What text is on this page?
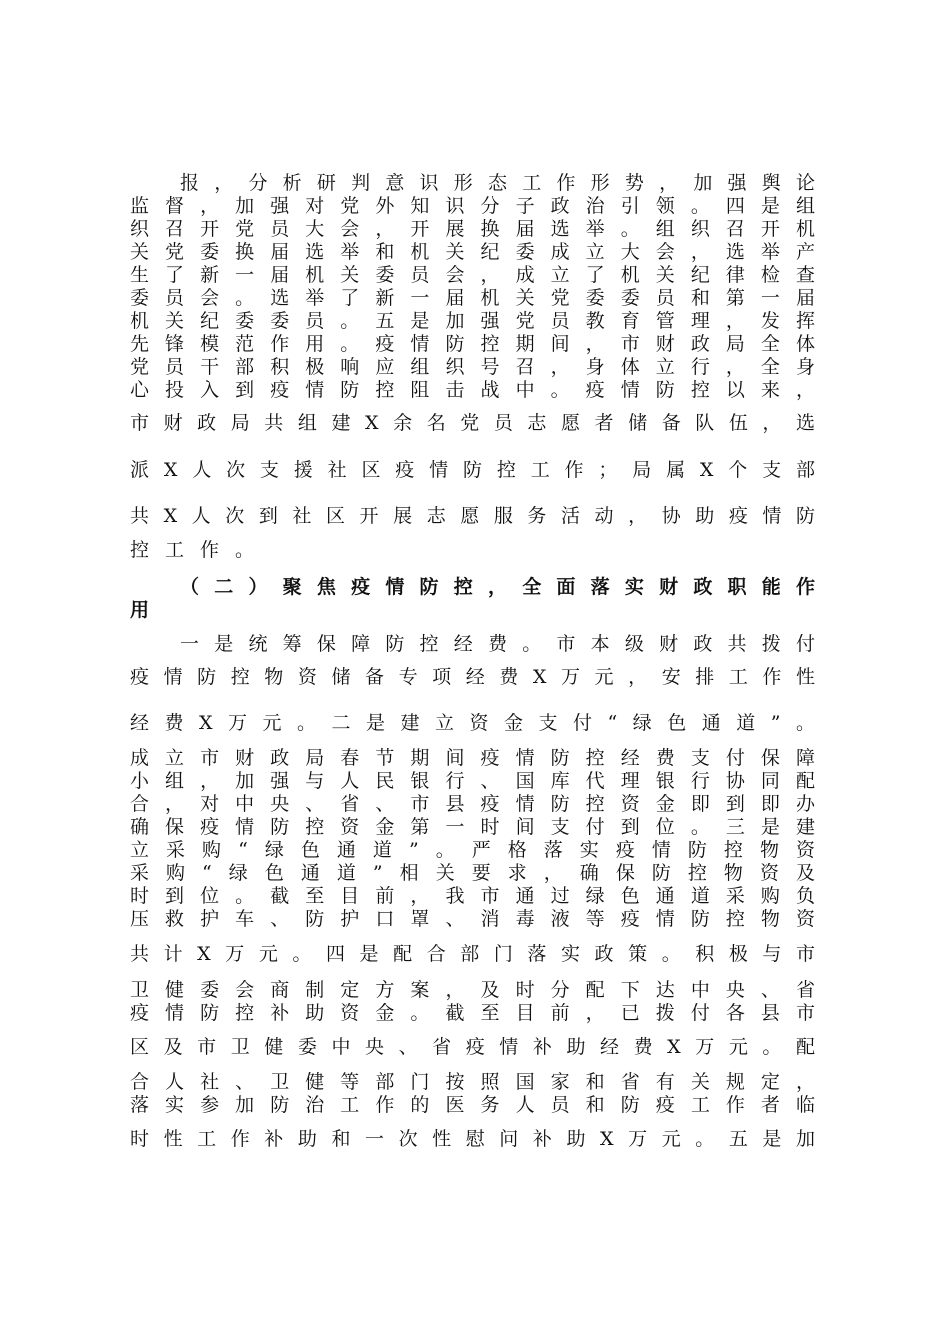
报，分析研判意识形态工作形势，加强舆论
监督，加强对党外知识分子政治引领。四是组
织召开党员大会，开展换届选举。组织召开机
关党委换届选举和机关纪委成立大会，选举产
生了新一届机关委员会，成立了机关纪律检查
委员会。选举了新一届机关党委委员和第一届
机关纪委委员。五是加强党员教育管理，发挥
先锋模范作用。疫情防控期间，市财政局全体
党员干部积极响应组织号召，身体立行，全身
心投入到疫情防控阻击战中。疫情防控以来，
市财政局共组建X余名党员志愿者储备队伍，选
派X人次支援社区疫情防控工作；局属X个支部
共X人次到社区开展志愿服务活动，协助疫情防
控工作。
（二）聚焦疫情防控，全面落实财政职能作
用
一是统筹保障防控经费。市本级财政共拨付
疫情防控物资储备专项经费X万元，安排工作性
经费X万元。二是建立资金支付“绿色通道”。
成立市财政局春节期间疫情防控经费支付保障
小组，加强与人民银行、国库代理银行协同配
合，对中央、省、市县疫情防控资金即到即办
确保疫情防控资金第一时间支付到位。三是建
立采购“绿色通道”。严格落实疫情防控物资
采购“绿色通道”相关要求，确保防控物资及
时到位。截至目前，我市通过绿色通道采购负
压救护车、防护口罩、消毒液等疫情防控物资
共计X万元。四是配合部门落实政策。积极与市
卫健委会商制定方案，及时分配下达中央、省
疫情防控补助资金。截至目前，已拨付各县市
区及市卫健委中央、省疫情补助经费X万元。配
合人社、卫健等部门按照国家和省有关规定，
落实参加防治工作的医务人员和防疫工作者临
时性工作补助和一次性慰问补助X万元。五是加
